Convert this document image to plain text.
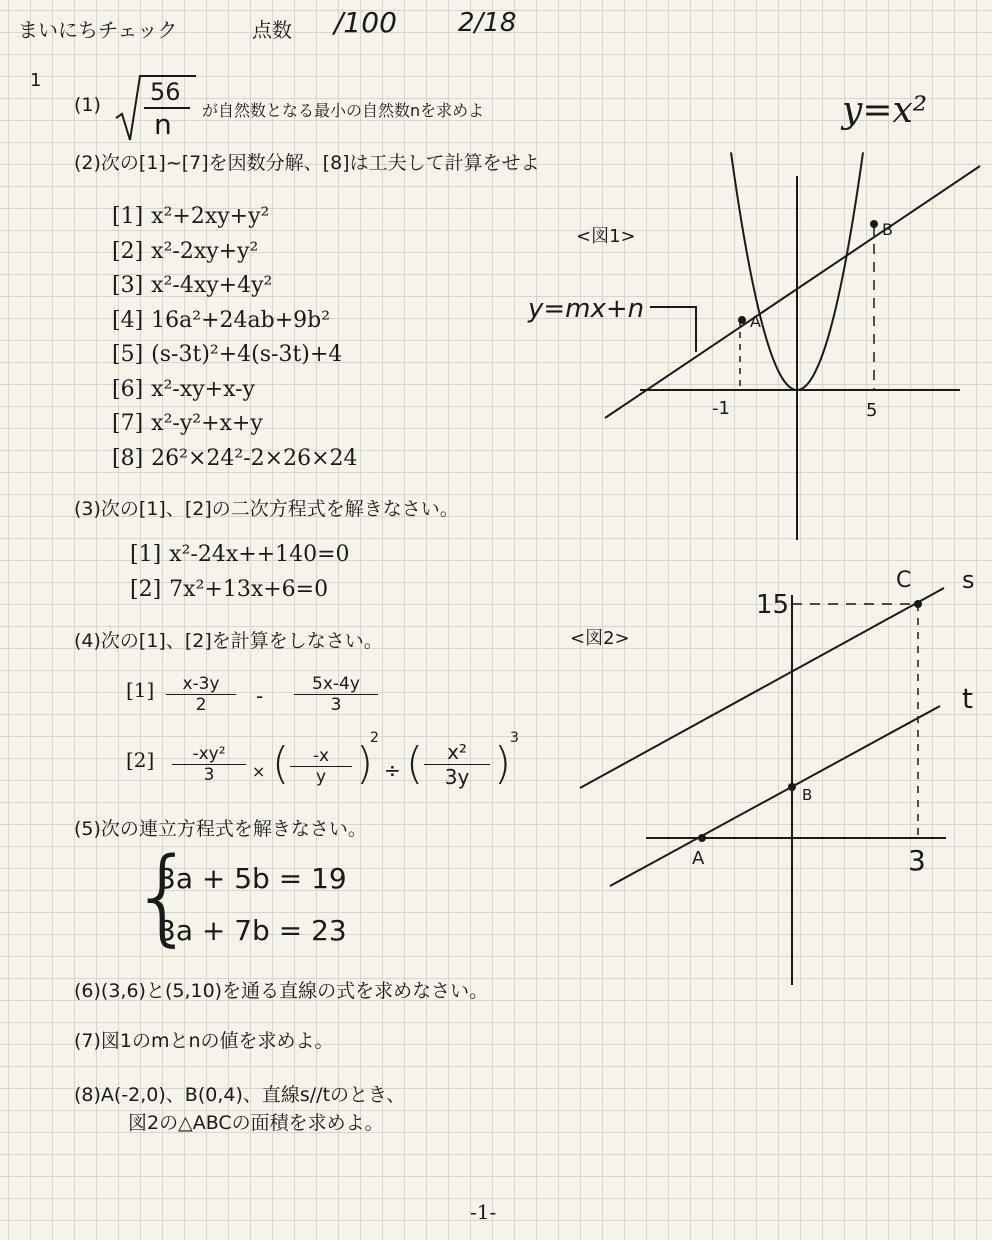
まいにちチェック	点数 /100 2/18
1
(1) 56
n が自然数となる最小の自然数nを求めよ
(2)次の[1]~[7]を因数分解、[8]は工夫して計算をせよ
[1] x²+2xy+y²
[2] x²-2xy+y²
[3] x²-4xy+4y²
[4] 16a²+24ab+9b²
[5] (s-3t)²+4(s-3t)+4
[6] x²-xy+x-y
[7] x²-y²+x+y
[8] 26²×24²-2×26×24
(3)次の[1]、[2]の二次方程式を解きなさい。
[1] x²-24x++140=0
[2] 7x²+13x+6=0
(4)次の[1]、[2]を計算をしなさい。
$[1] \frac{x-3y}{2} - \frac{5x-4y}{3}$
$[2] \frac{\text{-xy²}}{3}$ × ( $\frac{-x}{y}$ )
2
÷ ( $\frac{\text{x²}}{3y}$ )
3
(5)次の連立方程式を解きなさい。
{
3a + 5b = 19
3a + 7b = 23
(6)(3,6)と(5,10)を通る直線の式を求めなさい。
(7)図1のmとnの値を求めよ。
(8)A(-2,0)、B(0,4)、直線s//tのとき、
図2の△ABCの面積を求めよ。
<図1>
y=x²
y=mx+n	A
B
-1	5
<図2>
s
t
C
A
B
15
3
-1-
